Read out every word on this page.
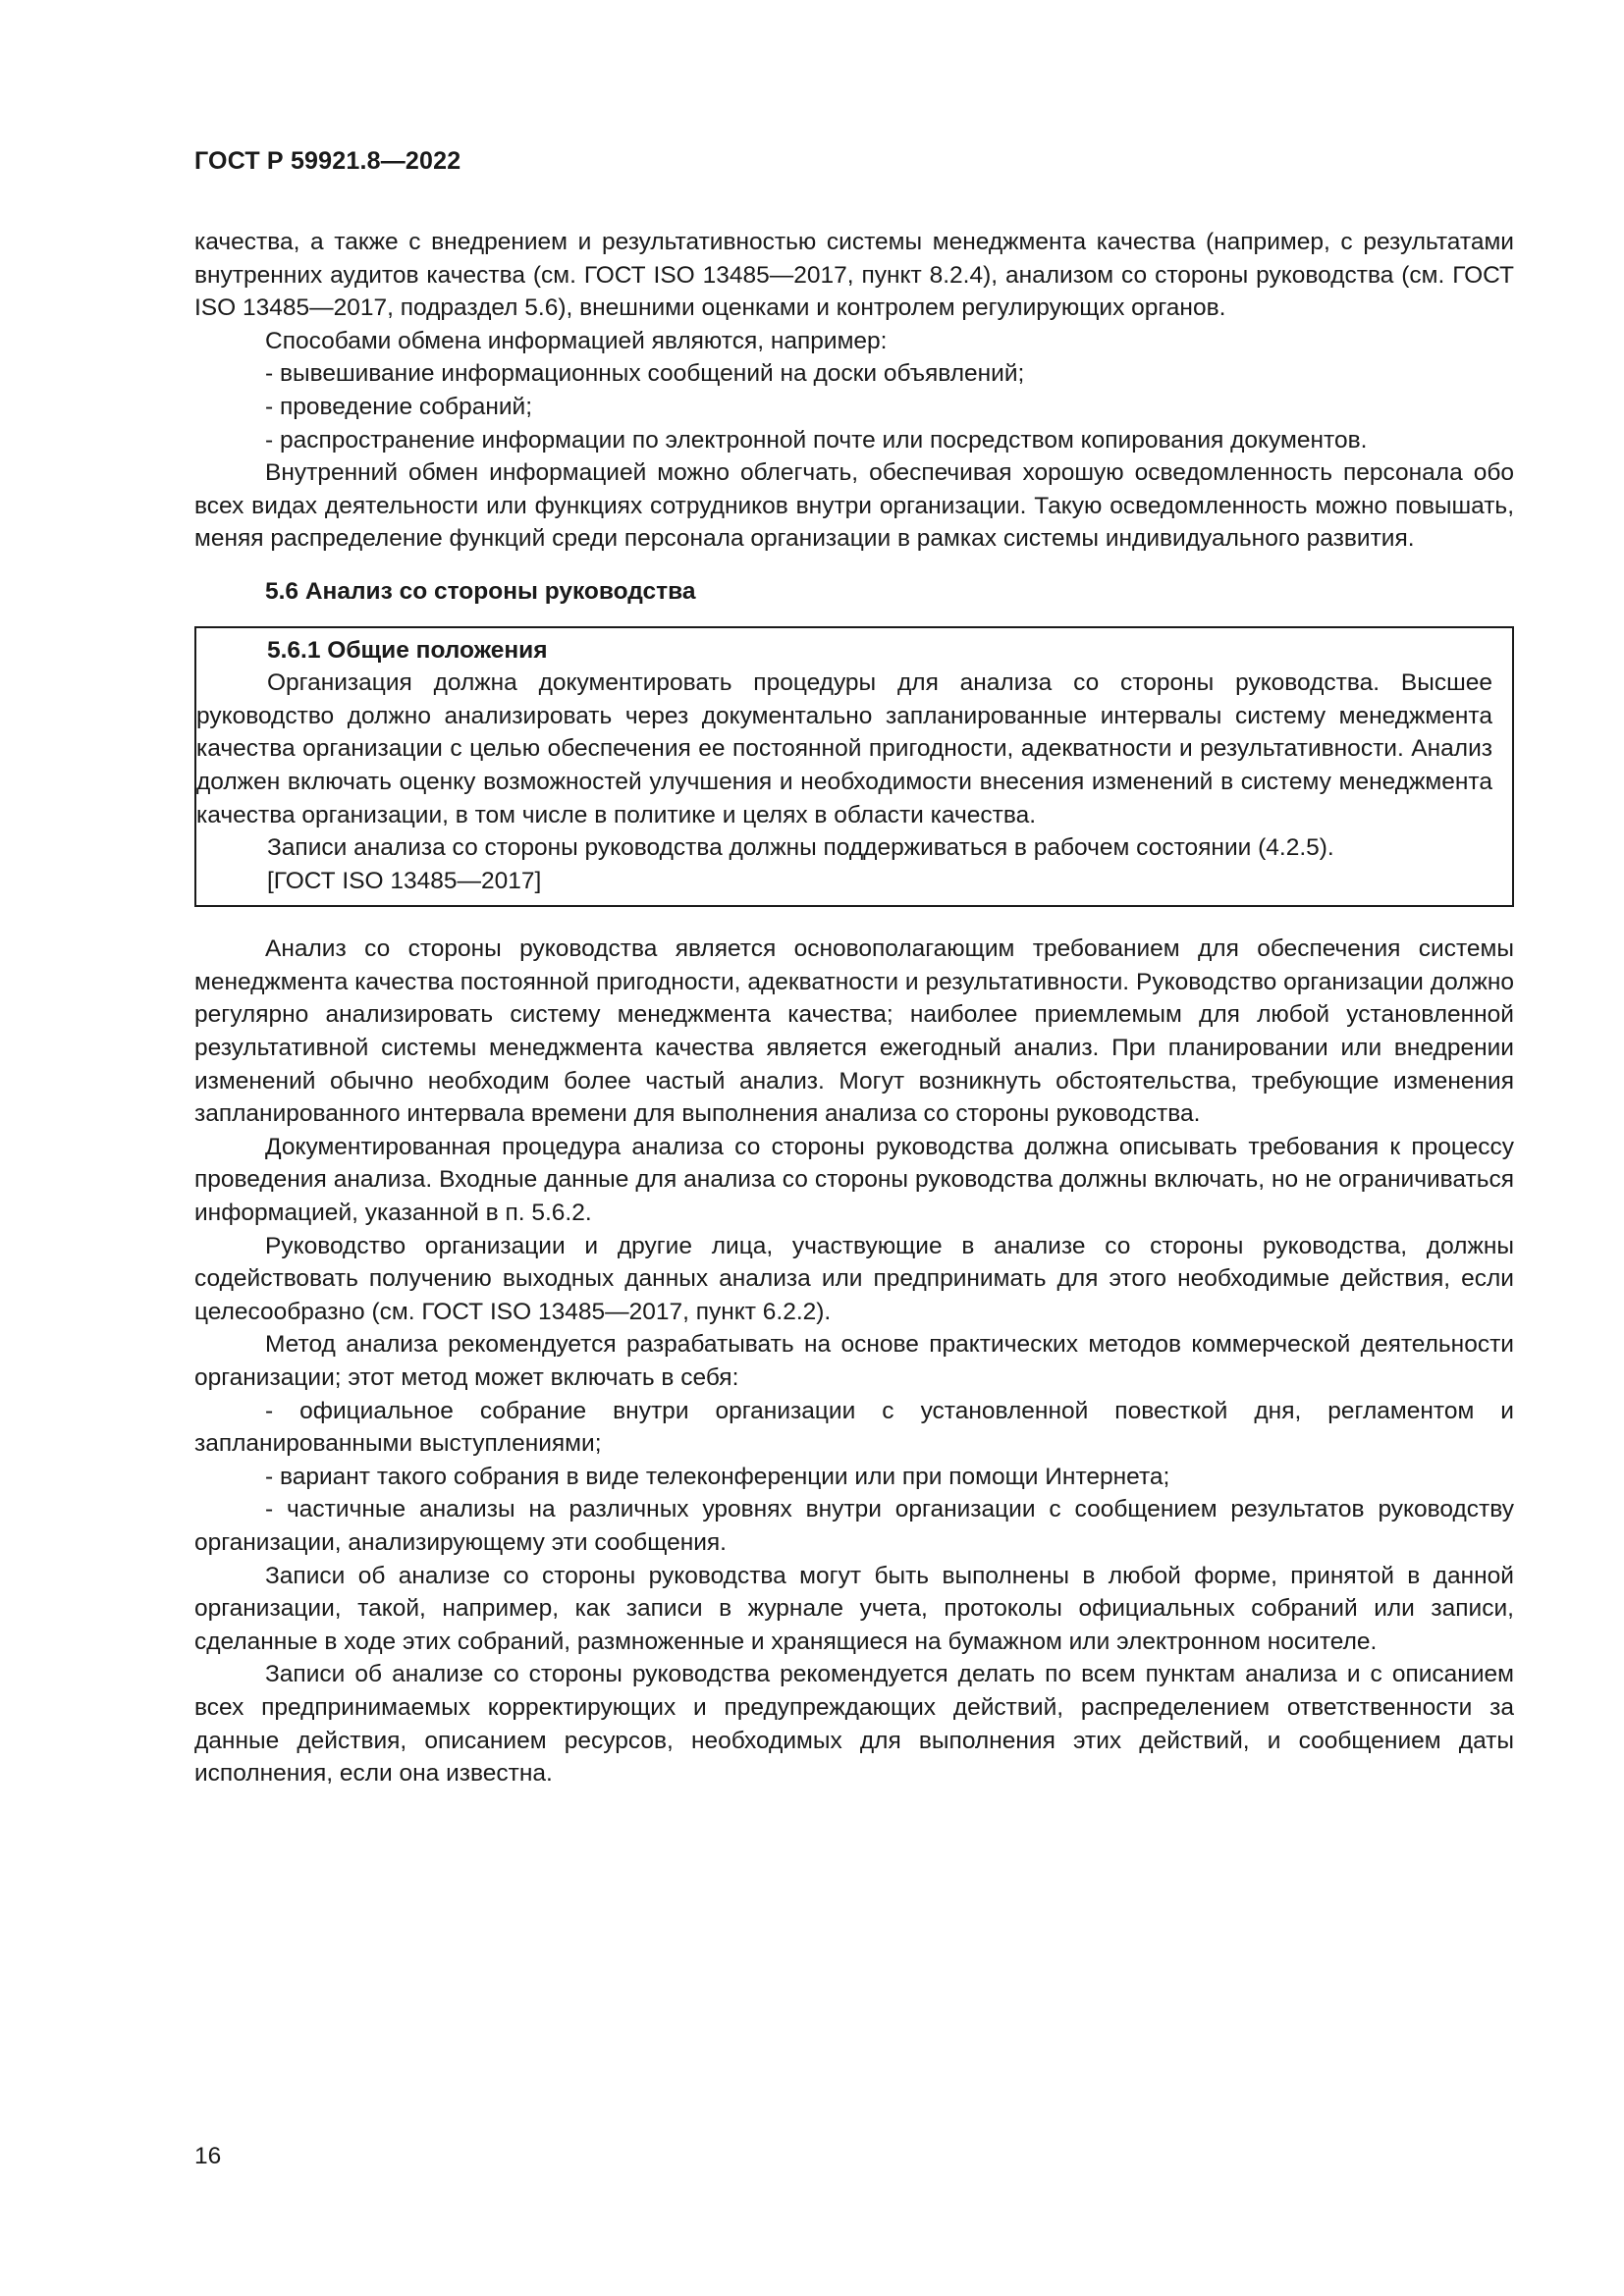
ГОСТ Р 59921.8—2022

качества, а также с внедрением и результативностью системы менеджмента качества (например, с результатами внутренних аудитов качества (см. ГОСТ ISO 13485—2017, пункт 8.2.4), анализом со стороны руководства (см. ГОСТ ISO 13485—2017, подраздел 5.6), внешними оценками и контролем регулирующих органов.

Способами обмена информацией являются, например:

- вывешивание информационных сообщений на доски объявлений;

- проведение собраний;

- распространение информации по электронной почте или посредством копирования документов.

Внутренний обмен информацией можно облегчать, обеспечивая хорошую осведомленность персонала обо всех видах деятельности или функциях сотрудников внутри организации. Такую осведомленность можно повышать, меняя распределение функций среди персонала организации в рамках системы индивидуального развития.

5.6 Анализ со стороны руководства

5.6.1 Общие положения

Организация должна документировать процедуры для анализа со стороны руководства. Высшее руководство должно анализировать через документально запланированные интервалы систему менеджмента качества организации с целью обеспечения ее постоянной пригодности, адекватности и результативности. Анализ должен включать оценку возможностей улучшения и необходимости внесения изменений в систему менеджмента качества организации, в том числе в политике и целях в области качества.

Записи анализа со стороны руководства должны поддерживаться в рабочем состоянии (4.2.5).

[ГОСТ ISO 13485—2017]

Анализ со стороны руководства является основополагающим требованием для обеспечения системы менеджмента качества постоянной пригодности, адекватности и результативности. Руководство организации должно регулярно анализировать систему менеджмента качества; наиболее приемлемым для любой установленной результативной системы менеджмента качества является ежегодный анализ. При планировании или внедрении изменений обычно необходим более частый анализ. Могут возникнуть обстоятельства, требующие изменения запланированного интервала времени для выполнения анализа со стороны руководства.

Документированная процедура анализа со стороны руководства должна описывать требования к процессу проведения анализа. Входные данные для анализа со стороны руководства должны включать, но не ограничиваться информацией, указанной в п. 5.6.2.

Руководство организации и другие лица, участвующие в анализе со стороны руководства, должны содействовать получению выходных данных анализа или предпринимать для этого необходимые действия, если целесообразно (см. ГОСТ ISO 13485—2017, пункт 6.2.2).

Метод анализа рекомендуется разрабатывать на основе практических методов коммерческой деятельности организации; этот метод может включать в себя:

- официальное собрание внутри организации с установленной повесткой дня, регламентом и запланированными выступлениями;

- вариант такого собрания в виде телеконференции или при помощи Интернета;

- частичные анализы на различных уровнях внутри организации с сообщением результатов руководству организации, анализирующему эти сообщения.

Записи об анализе со стороны руководства могут быть выполнены в любой форме, принятой в данной организации, такой, например, как записи в журнале учета, протоколы официальных собраний или записи, сделанные в ходе этих собраний, размноженные и хранящиеся на бумажном или электронном носителе.

Записи об анализе со стороны руководства рекомендуется делать по всем пунктам анализа и с описанием всех предпринимаемых корректирующих и предупреждающих действий, распределением ответственности за данные действия, описанием ресурсов, необходимых для выполнения этих действий, и сообщением даты исполнения, если она известна.

16
